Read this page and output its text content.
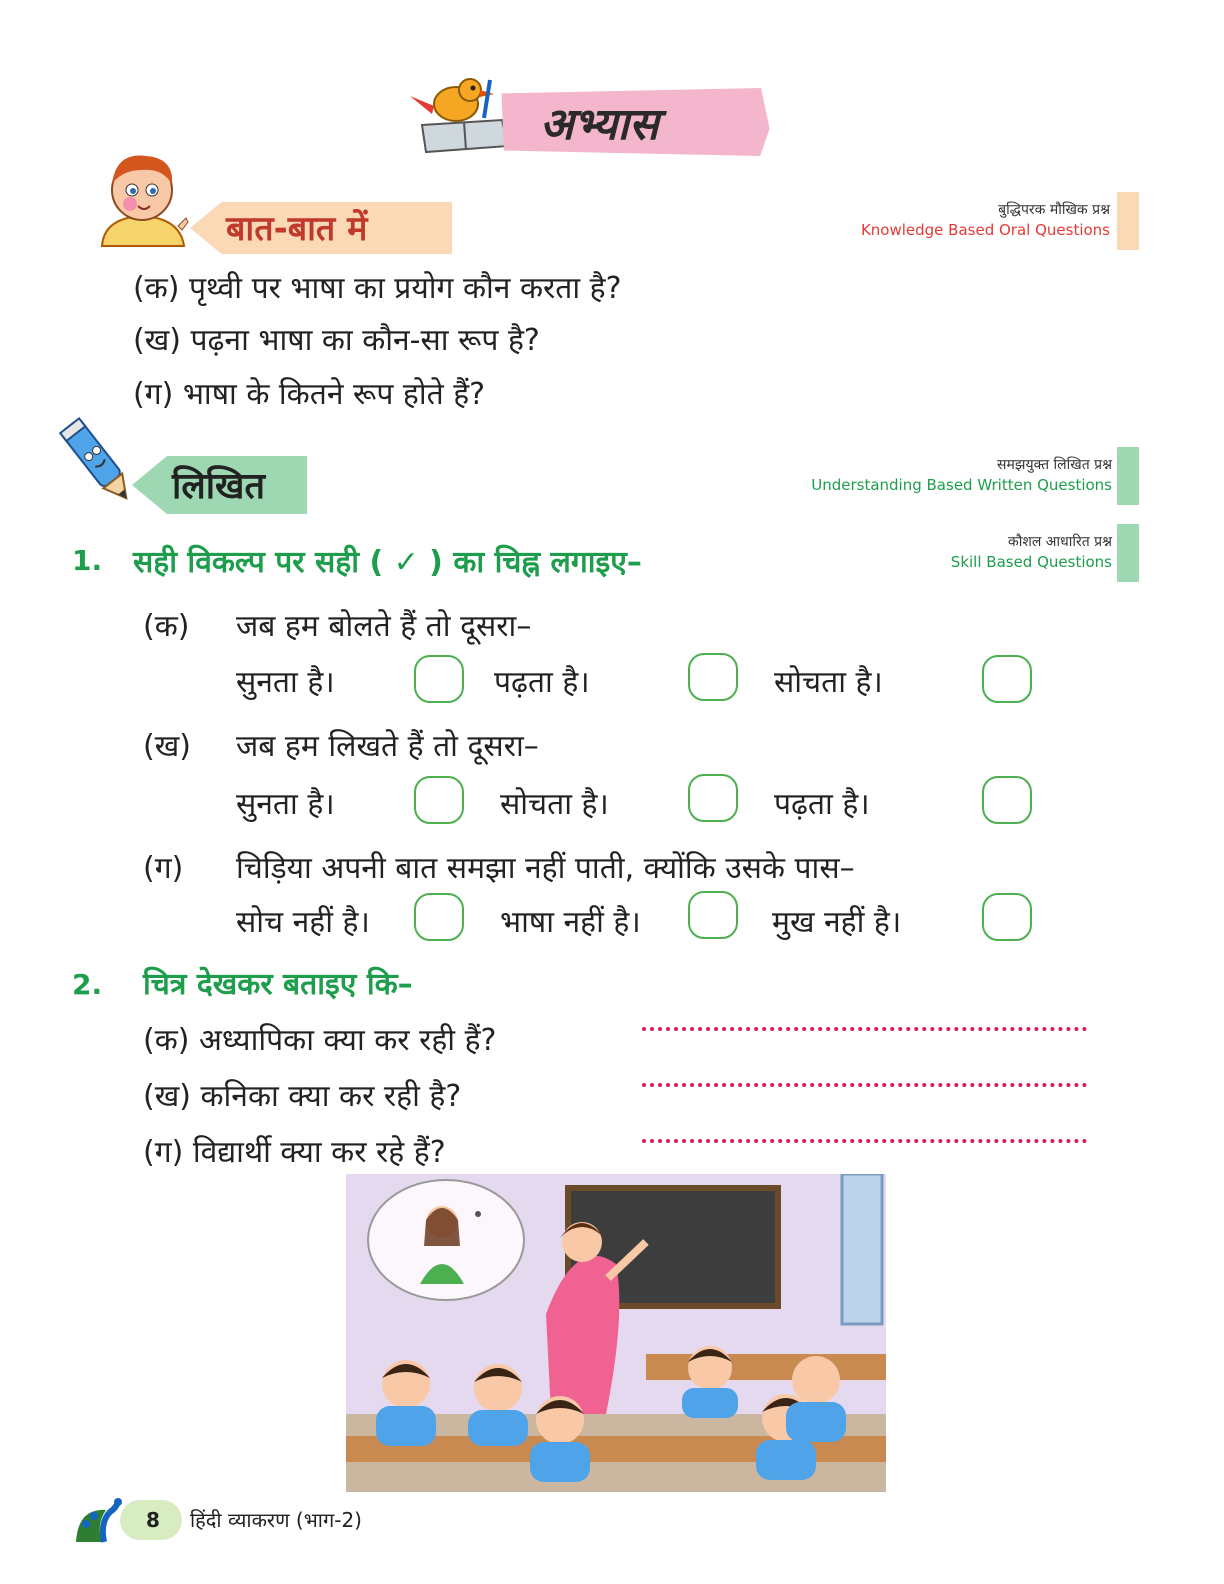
अभ्यास
बात-बात में	बुद्धिपरक मौखिक प्रश्न
Knowledge Based Oral Questions
(क) पृथ्वी पर भाषा का प्रयोग कौन करता है?
(ख) पढ़ना भाषा का कौन-सा रूप है?
(ग) भाषा के कितने रूप होते हैं?
लिखित
समझयुक्त लिखित प्रश्न
Understanding Based Written Questions
कौशल आधारित प्रश्न
Skill Based Questions
1. सही विकल्प पर सही ( ✓ ) का चिह्न लगाइए–
(क) जब हम बोलते हैं तो दूसरा–
सुनता है।	पढ़ता है।	सोचता है।
(ख) जब हम लिखते हैं तो दूसरा–
सुनता है।	सोचता है।	पढ़ता है।
(ग) चिड़िया अपनी बात समझा नहीं पाती, क्योंकि उसके पास–
सोच नहीं है।	भाषा नहीं है।	मुख नहीं है।
2. चित्र देखकर बताइए कि–
(क) अध्यापिका क्या कर रही हैं?
(ख) कनिका क्या कर रही है?
(ग) विद्यार्थी क्या कर रहे हैं?
8 हिंदी व्याकरण (भाग-2)
